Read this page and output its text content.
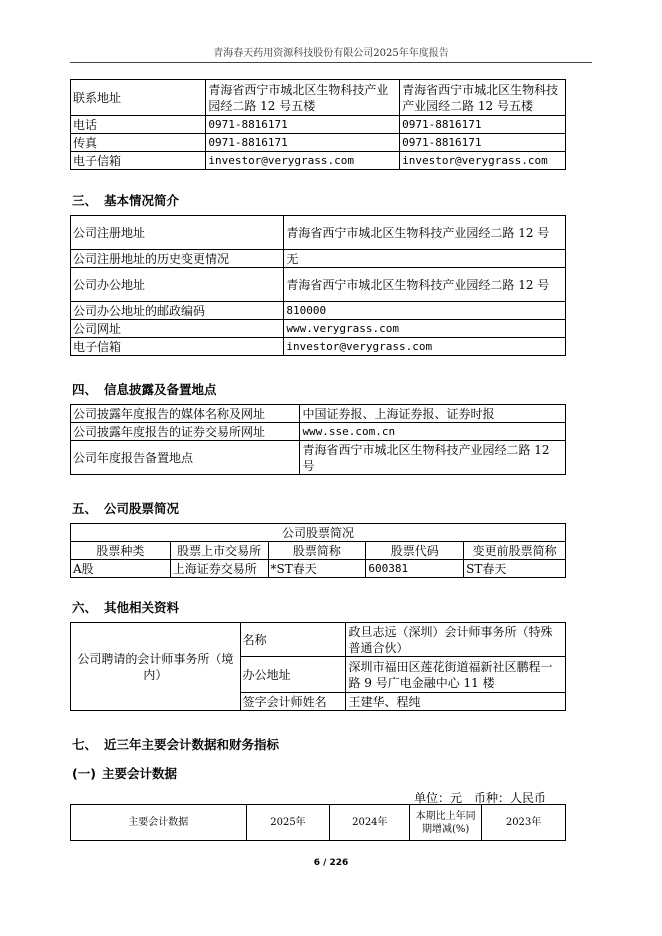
青海春天药用资源科技股份有限公司2025年年度报告
联系地址	青海省西宁市城北区生物科技产业园经二路 12 号五楼	青海省西宁市城北区生物科技产业园经二路 12 号五楼
电话	0971-8816171	0971-8816171
传真	0971-8816171	0971-8816171
电子信箱	investor@verygrass.com	investor@verygrass.com
三、 基本情况简介
公司注册地址	青海省西宁市城北区生物科技产业园经二路 12 号
公司注册地址的历史变更情况	无
公司办公地址	青海省西宁市城北区生物科技产业园经二路 12 号
公司办公地址的邮政编码	810000
公司网址	www.verygrass.com
电子信箱	investor@verygrass.com
四、 信息披露及备置地点
公司披露年度报告的媒体名称及网址	中国证券报、上海证券报、证券时报
公司披露年度报告的证券交易所网址	www.sse.com.cn
公司年度报告备置地点	青海省西宁市城北区生物科技产业园经二路 12 号
五、 公司股票简况
公司股票简况				
股票种类	股票上市交易所	股票简称	股票代码	变更前股票简称
A股	上海证券交易所	*ST春天	600381	ST春天
六、 其他相关资料
公司聘请的会计师事务所（境内）	名称	政旦志远（深圳）会计师事务所（特殊普通合伙）
	办公地址	深圳市福田区莲花街道福新社区鹏程一路 9 号广电金融中心 11 楼
	签字会计师姓名	王建华、程纯
七、 近三年主要会计数据和财务指标
(一) 主要会计数据
单位：元 币种：人民币
主要会计数据	2025年	2024年	本期比上年同期增减(%)	2023年
6 / 226
